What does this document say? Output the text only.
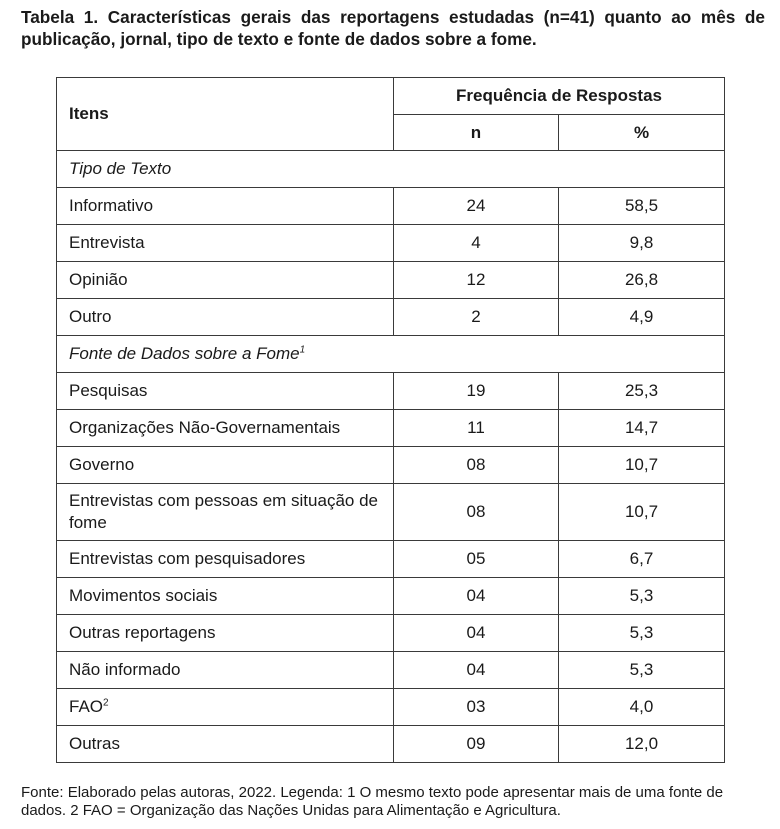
Tabela 1. Características gerais das reportagens estudadas (n=41) quanto ao mês de publicação, jornal, tipo de texto e fonte de dados sobre a fome.
Itens	Frequência de Respostas	
	n	%
Tipo de Texto		
Informativo	24	58,5
Entrevista	4	9,8
Opinião	12	26,8
Outro	2	4,9
Fonte de Dados sobre a Fome$^1$
Pesquisas	19	25,3
Organizações Não-Governamentais	11	14,7
Governo	08	10,7
Entrevistas com pessoas em situação de fome	08	10,7
Entrevistas com pesquisadores	05	6,7
Movimentos sociais	04	5,3
Outras reportagens	04	5,3
Não informado	04	5,3
FAO$^2$	03	4,0
Outras	09	12,0
Fonte: Elaborado pelas autoras, 2022. Legenda: 1 O mesmo texto pode apresentar mais de uma fonte de dados. 2 FAO = Organização das Nações Unidas para Alimentação e Agricultura.
